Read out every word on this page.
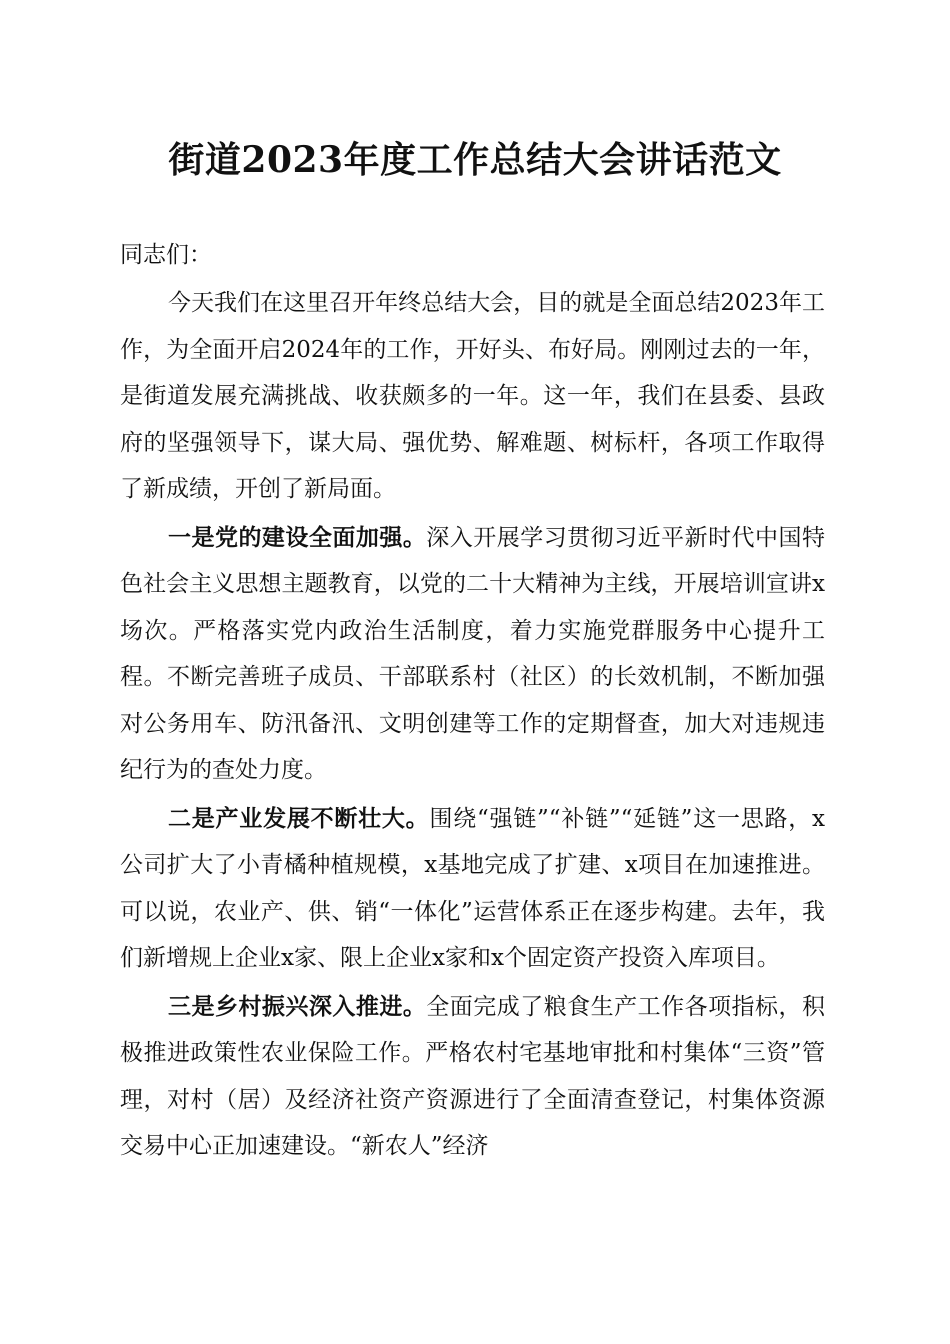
街道2023年度工作总结大会讲话范文

同志们：

今天我们在这里召开年终总结大会，目的就是全面总结2023年工作，为全面开启2024年的工作，开好头、布好局。刚刚过去的一年，是街道发展充满挑战、收获颇多的一年。这一年，我们在县委、县政府的坚强领导下，谋大局、强优势、解难题、树标杆，各项工作取得了新成绩，开创了新局面。

一是党的建设全面加强。深入开展学习贯彻习近平新时代中国特色社会主义思想主题教育，以党的二十大精神为主线，开展培训宣讲x场次。严格落实党内政治生活制度，着力实施党群服务中心提升工程。不断完善班子成员、干部联系村（社区）的长效机制，不断加强对公务用车、防汛备汛、文明创建等工作的定期督查，加大对违规违纪行为的查处力度。

二是产业发展不断壮大。围绕“强链”“补链”“延链”这一思路，x公司扩大了小青橘种植规模，x基地完成了扩建、x项目在加速推进。可以说，农业产、供、销“一体化”运营体系正在逐步构建。去年，我们新增规上企业x家、限上企业x家和x个固定资产投资入库项目。

三是乡村振兴深入推进。全面完成了粮食生产工作各项指标，积极推进政策性农业保险工作。严格农村宅基地审批和村集体“三资”管理，对村（居）及经济社资产资源进行了全面清查登记，村集体资源交易中心正加速建设。“新农人”经济
